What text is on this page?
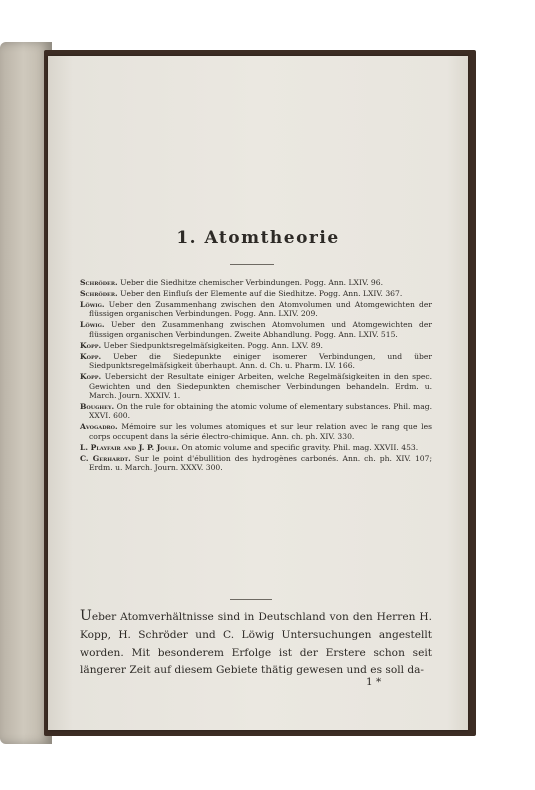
1. Atomtheorie
Schröder. Ueber die Siedhitze chemischer Verbindungen. Pogg. Ann. LXIV. 96.
Schröder. Ueber den Einfluſs der Elemente auf die Siedhitze. Pogg. Ann. LXIV. 367.
Löwig. Ueber den Zusammenhang zwischen den Atomvolumen und Atomgewichten der flüssigen organischen Verbindungen. Pogg. Ann. LXIV. 209.
Löwig. Ueber den Zusammenhang zwischen Atomvolumen und Atomgewichten der flüssigen organischen Verbindungen. Zweite Abhandlung. Pogg. Ann. LXIV. 515.
Kopp. Ueber Siedpunktsregelmäſsigkeiten. Pogg. Ann. LXV. 89.
Kopp. Ueber die Siedepunkte einiger isomerer Verbindungen, und über Siedpunktsregelmäſsigkeit überhaupt. Ann. d. Ch. u. Pharm. LV. 166.
Kopp. Uebersicht der Resultate einiger Arbeiten, welche Regelmäſsigkeiten in den spec. Gewichten und den Siedepunkten chemischer Verbindungen behandeln. Erdm. u. March. Journ. XXXIV. 1.
Boughey. On the rule for obtaining the atomic volume of elementary substances. Phil. mag. XXVI. 600.
Avogadro. Mémoire sur les volumes atomiques et sur leur relation avec le rang que les corps occupent dans la série électro-chimique. Ann. ch. ph. XIV. 330.
L. Playfair and J. P. Joule. On atomic volume and specific gravity. Phil. mag. XXVII. 453.
C. Gerhardt. Sur le point d'ébullition des hydrogènes carbonés. Ann. ch. ph. XIV. 107; Erdm. u. March. Journ. XXXV. 300.

Ueber Atomverhältnisse sind in Deutschland von den Herren H. Kopp, H. Schröder und C. Löwig Untersuchungen angestellt worden. Mit besonderem Erfolge ist der Erstere schon seit längerer Zeit auf diesem Gebiete thätig gewesen und es soll da-

1 *
